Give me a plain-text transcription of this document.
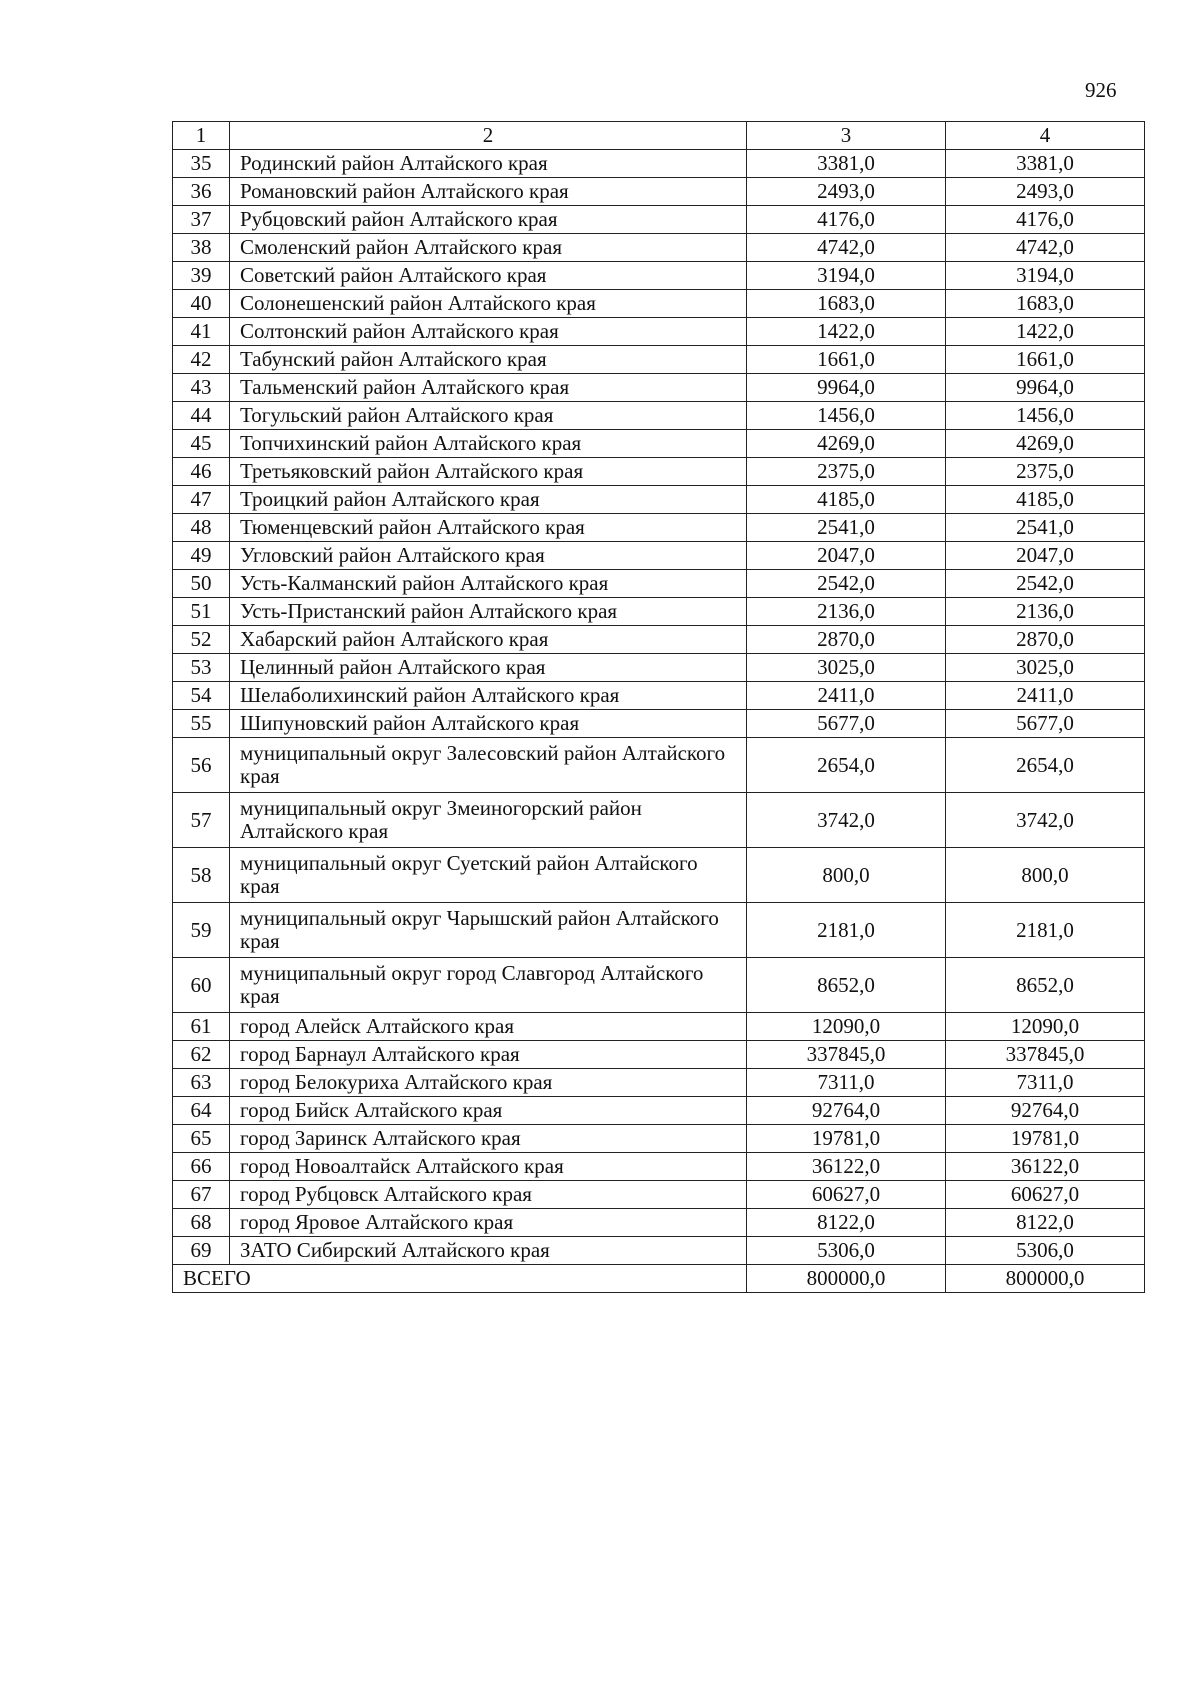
926
1	2	3	4
35	Родинский район Алтайского края	3381,0	3381,0
36	Романовский район Алтайского края	2493,0	2493,0
37	Рубцовский район Алтайского края	4176,0	4176,0
38	Смоленский район Алтайского края	4742,0	4742,0
39	Советский район Алтайского края	3194,0	3194,0
40	Солонешенский район Алтайского края	1683,0	1683,0
41	Солтонский район Алтайского края	1422,0	1422,0
42	Табунский район Алтайского края	1661,0	1661,0
43	Тальменский район Алтайского края	9964,0	9964,0
44	Тогульский район Алтайского края	1456,0	1456,0
45	Топчихинский район Алтайского края	4269,0	4269,0
46	Третьяковский район Алтайского края	2375,0	2375,0
47	Троицкий район Алтайского края	4185,0	4185,0
48	Тюменцевский район Алтайского края	2541,0	2541,0
49	Угловский район Алтайского края	2047,0	2047,0
50	Усть-Калманский район Алтайского края	2542,0	2542,0
51	Усть-Пристанский район Алтайского края	2136,0	2136,0
52	Хабарский район Алтайского края	2870,0	2870,0
53	Целинный район Алтайского края	3025,0	3025,0
54	Шелаболихинский район Алтайского края	2411,0	2411,0
55	Шипуновский район Алтайского края	5677,0	5677,0
56	муниципальный округ Залесовский район Алтайского края	2654,0	2654,0
57	муниципальный округ Змеиногорский район Алтайского края	3742,0	3742,0
58	муниципальный округ Суетский район Алтайского края	800,0	800,0
59	муниципальный округ Чарышский район Алтайского края	2181,0	2181,0
60	муниципальный округ город Славгород Алтайского края	8652,0	8652,0
61	город Алейск Алтайского края	12090,0	12090,0
62	город Барнаул Алтайского края	337845,0	337845,0
63	город Белокуриха Алтайского края	7311,0	7311,0
64	город Бийск Алтайского края	92764,0	92764,0
65	город Заринск Алтайского края	19781,0	19781,0
66	город Новоалтайск Алтайского края	36122,0	36122,0
67	город Рубцовск Алтайского края	60627,0	60627,0
68	город Яровое Алтайского края	8122,0	8122,0
69	ЗАТО Сибирский Алтайского края	5306,0	5306,0
ВСЕГО		800000,0	800000,0
